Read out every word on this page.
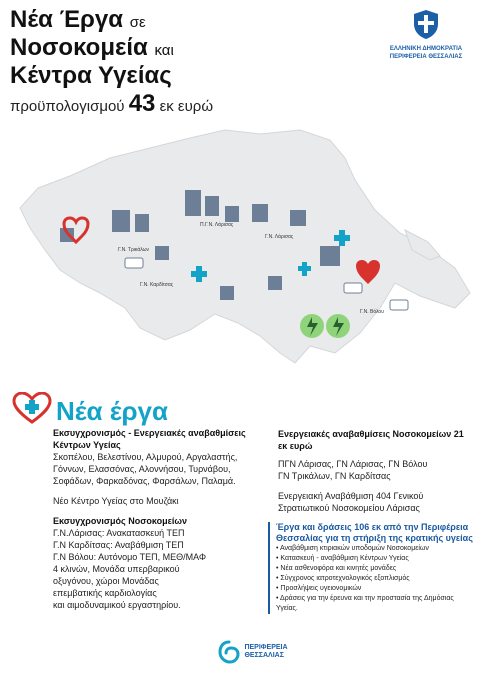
Νέα Έργα σε
Νοσοκομεία και
Κέντρα Υγείας
προϋπολογισμού 43 εκ ευρώ
ΕΛΛΗΝΙΚΗ ΔΗΜΟΚΡΑΤΙΑ
ΠΕΡΙΦΕΡΕΙΑ ΘΕΣΣΑΛΙΑΣ
Γ.Ν. Λάρισας
Γ.Ν. Τρικάλων
Γ.Ν. Καρδίτσας
Γ.Ν. Βόλου
Π.Γ.Ν. Λάρισας
Νέα έργα
Εκσυγχρονισμός - Ενεργειακές αναβαθμίσεις Κέντρων Υγείας
Σκοπέλου, Βελεστίνου, Αλμυρού, Αργαλαστής, Γόννων, Ελασσόνας, Αλοννήσου, Τυρνάβου, Σοφάδων, Φαρκαδόνας, Φαρσάλων, Παλαμά.
Νέο Κέντρο Υγείας στο Μουζάκι
Εκσυγχρονισμός Νοσοκομείων
Γ.Ν.Λάρισας: Ανακατασκευή ΤΕΠ
Γ.Ν Καρδίτσας: Αναβάθμιση ΤΕΠ
Γ.Ν Βόλου: Αυτόνομο ΤΕΠ, ΜΕΘ/ΜΑΦ
4 κλινών, Μονάδα υπερβαρικού
οξυγόνου, χώροι Μονάδας
επεμβατικής καρδιολογίας
και αιμοδυναμικού εργαστηρίου.
Ενεργειακές αναβαθμίσεις Νοσοκομείων 21 εκ ευρώ
ΠΓΝ Λάρισας, ΓΝ Λάρισας, ΓΝ Βόλου
ΓΝ Τρικάλων, ΓΝ Καρδίτσας
Ενεργειακή Αναβάθμιση 404 Γενικού Στρατιωτικού Νοσοκομείου Λάρισας
Έργα και δράσεις 106 εκ από την Περιφέρεια Θεσσαλίας για τη στήριξη της κρατικής υγείας
• Αναβάθμιση κτιριακών υποδομών Νοσοκομείων
• Κατασκευή - αναβάθμιση Κέντρων Υγείας
• Νέα ασθενοφόρα και κινητές μονάδες
• Σύγχρονος ιατροτεχνολογικός εξοπλισμός
• Προσλήψεις υγειονομικών
• Δράσεις για την έρευνα και την προστασία της Δημόσιας Υγείας.

ΠΕΡΙΦΕΡΕΙΑ
ΘΕΣΣΑΛΙΑΣ
